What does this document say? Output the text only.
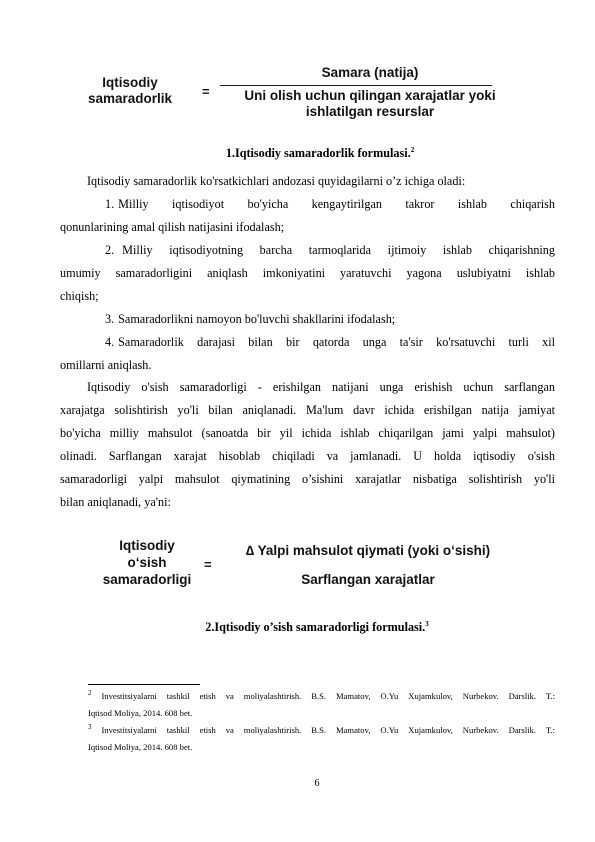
Iqtisodiy
samaradorlik	=
Samara (natija)
Uni olish uchun qilingan xarajatlar yoki
ishlatilgan resurslar
1.Iqtisodiy samaradorlik formulasi.$^2$
Iqtisodiy samaradorlik ko'rsatkichlari andozasi quyidagilarni o’z ichiga oladi:
1. Milliy iqtisodiyot bo'yicha kengaytirilgan takror ishlab chiqarish
qonunlarining amal qilish natijasini ifodalash;
2. Milliy iqtisodiyotning barcha tarmoqlarida ijtimoiy ishlab chiqarishning
umumiy samaradorligini aniqlash imkoniyatini yaratuvchi yagona uslubiyatni ishlab
chiqish;
3. Samaradorlikni namoyon bo'luvchi shakllarini ifodalash;
4. Samaradorlik darajasi bilan bir qatorda unga ta'sir ko'rsatuvchi turli xil
omillarni aniqlash.
Iqtisodiy o'sish samaradorligi - erishilgan natijani unga erishish uchun sarflangan
xarajatga solishtirish yo'li bilan aniqlanadi. Ma'lum davr ichida erishilgan natija jamiyat
bo'yicha milliy mahsulot (sanoatda bir yil ichida ishlab chiqarilgan jami yalpi mahsulot)
olinadi. Sarflangan xarajat hisoblab chiqiladi va jamlanadi. U holda iqtisodiy o'sish
samaradorligi yalpi mahsulot qiymatining o’sishini xarajatlar nisbatiga solishtirish yo'li
bilan aniqlanadi, ya'ni:
Iqtisodiy
o‘sish
samaradorligi
=
∆ Yalpi mahsulot qiymati (yoki o‘sishi)
Sarflangan xarajatlar
2.Iqtisodiy o’sish samaradorligi formulasi.$^3$
$^2$ Investitsiyalarni tashkil etish va moliyalashtirish. B.S. Mamatov, O.Yu Xujamkulov, Nurbekov. Darslik. T.:
Iqtisod Moliya, 2014. 608 bet.
$^3$ Investitsiyalarni tashkil etish va moliyalashtirish. B.S. Mamatov, O.Yu Xujamkulov, Nurbekov. Darslik. T.:
Iqtisod Moliya, 2014. 608 bet.
6
